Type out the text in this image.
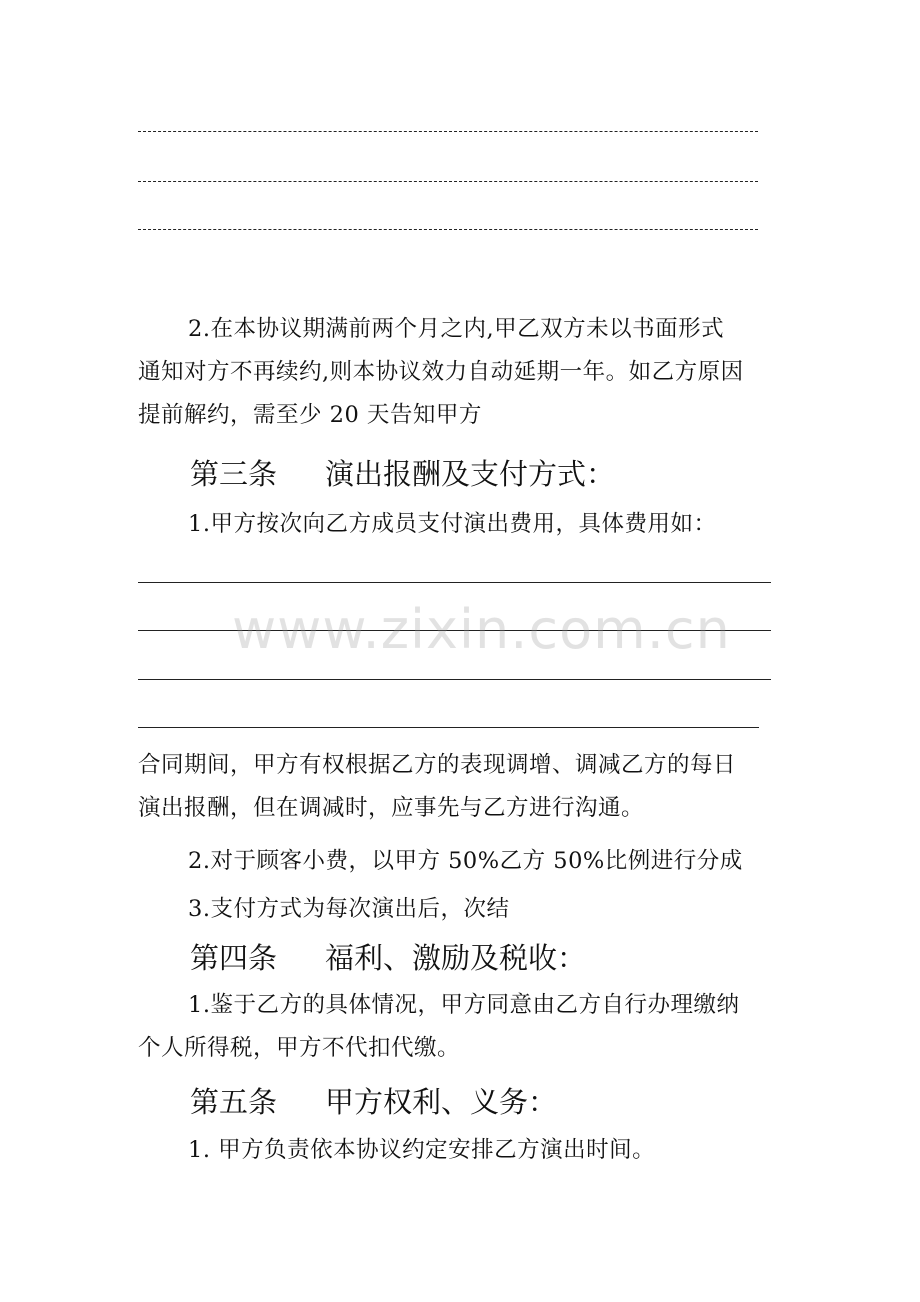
2.在本协议期满前两个月之内,甲乙双方未以书面形式
通知对方不再续约,则本协议效力自动延期一年。如乙方原因
提前解约，需至少 20 天告知甲方
第三条 演出报酬及支付方式：
1.甲方按次向乙方成员支付演出费用，具体费用如：
www.zixin.com.cn
合同期间，甲方有权根据乙方的表现调增、调减乙方的每日
演出报酬，但在调减时，应事先与乙方进行沟通。
2.对于顾客小费，以甲方 50%乙方 50%比例进行分成
3.支付方式为每次演出后，次结
第四条 福利、激励及税收：
1.鉴于乙方的具体情况，甲方同意由乙方自行办理缴纳
个人所得税，甲方不代扣代缴。
第五条 甲方权利、义务：
1. 甲方负责依本协议约定安排乙方演出时间。
